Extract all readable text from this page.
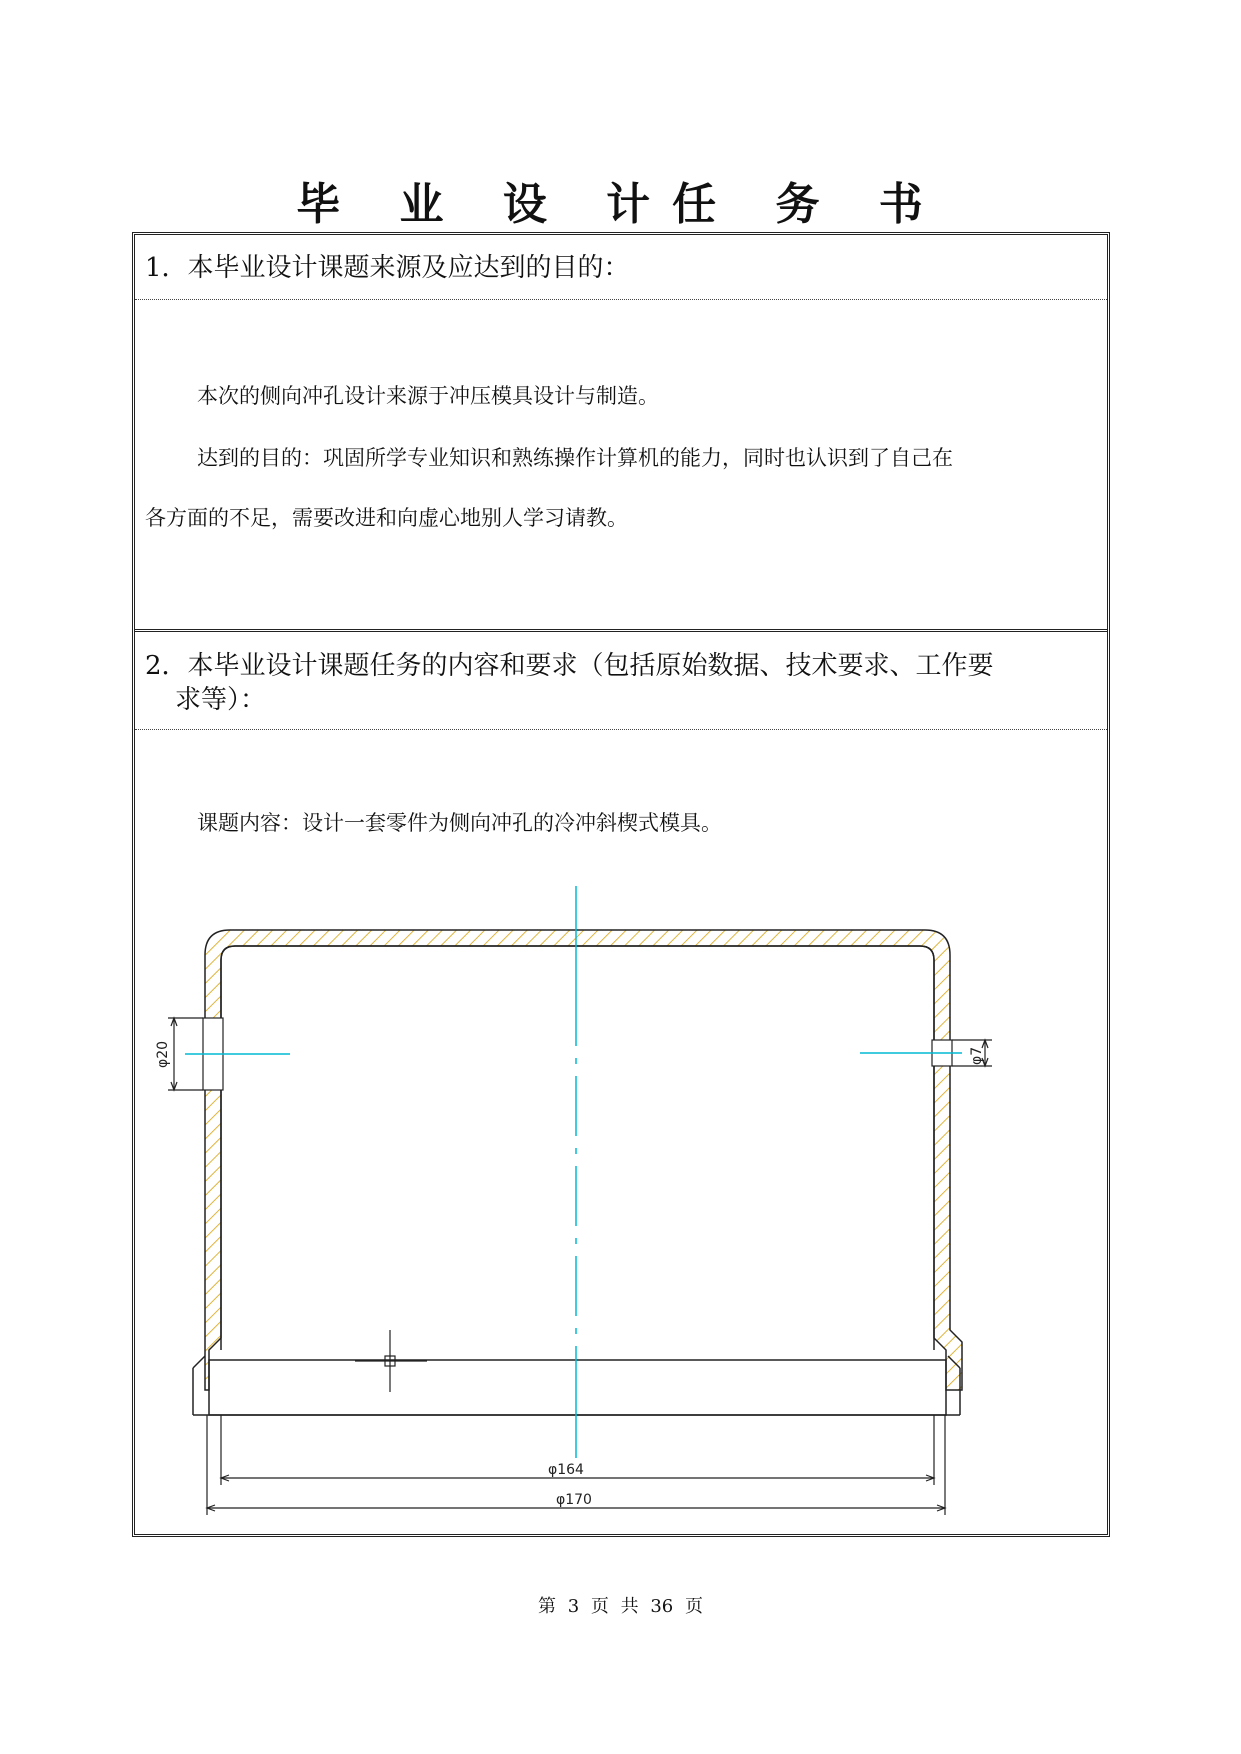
毕 业 设 计任 务 书
1．本毕业设计课题来源及应达到的目的：
本次的侧向冲孔设计来源于冲压模具设计与制造。
达到的目的：巩固所学专业知识和熟练操作计算机的能力，同时也认识到了自己在
各方面的不足，需要改进和向虚心地别人学习请教。
2．本毕业设计课题任务的内容和要求（包括原始数据、技术要求、工作要
求等）：
课题内容：设计一套零件为侧向冲孔的冷冲斜楔式模具。
φ20	φ7
φ164
φ170
第 3 页 共 36 页
